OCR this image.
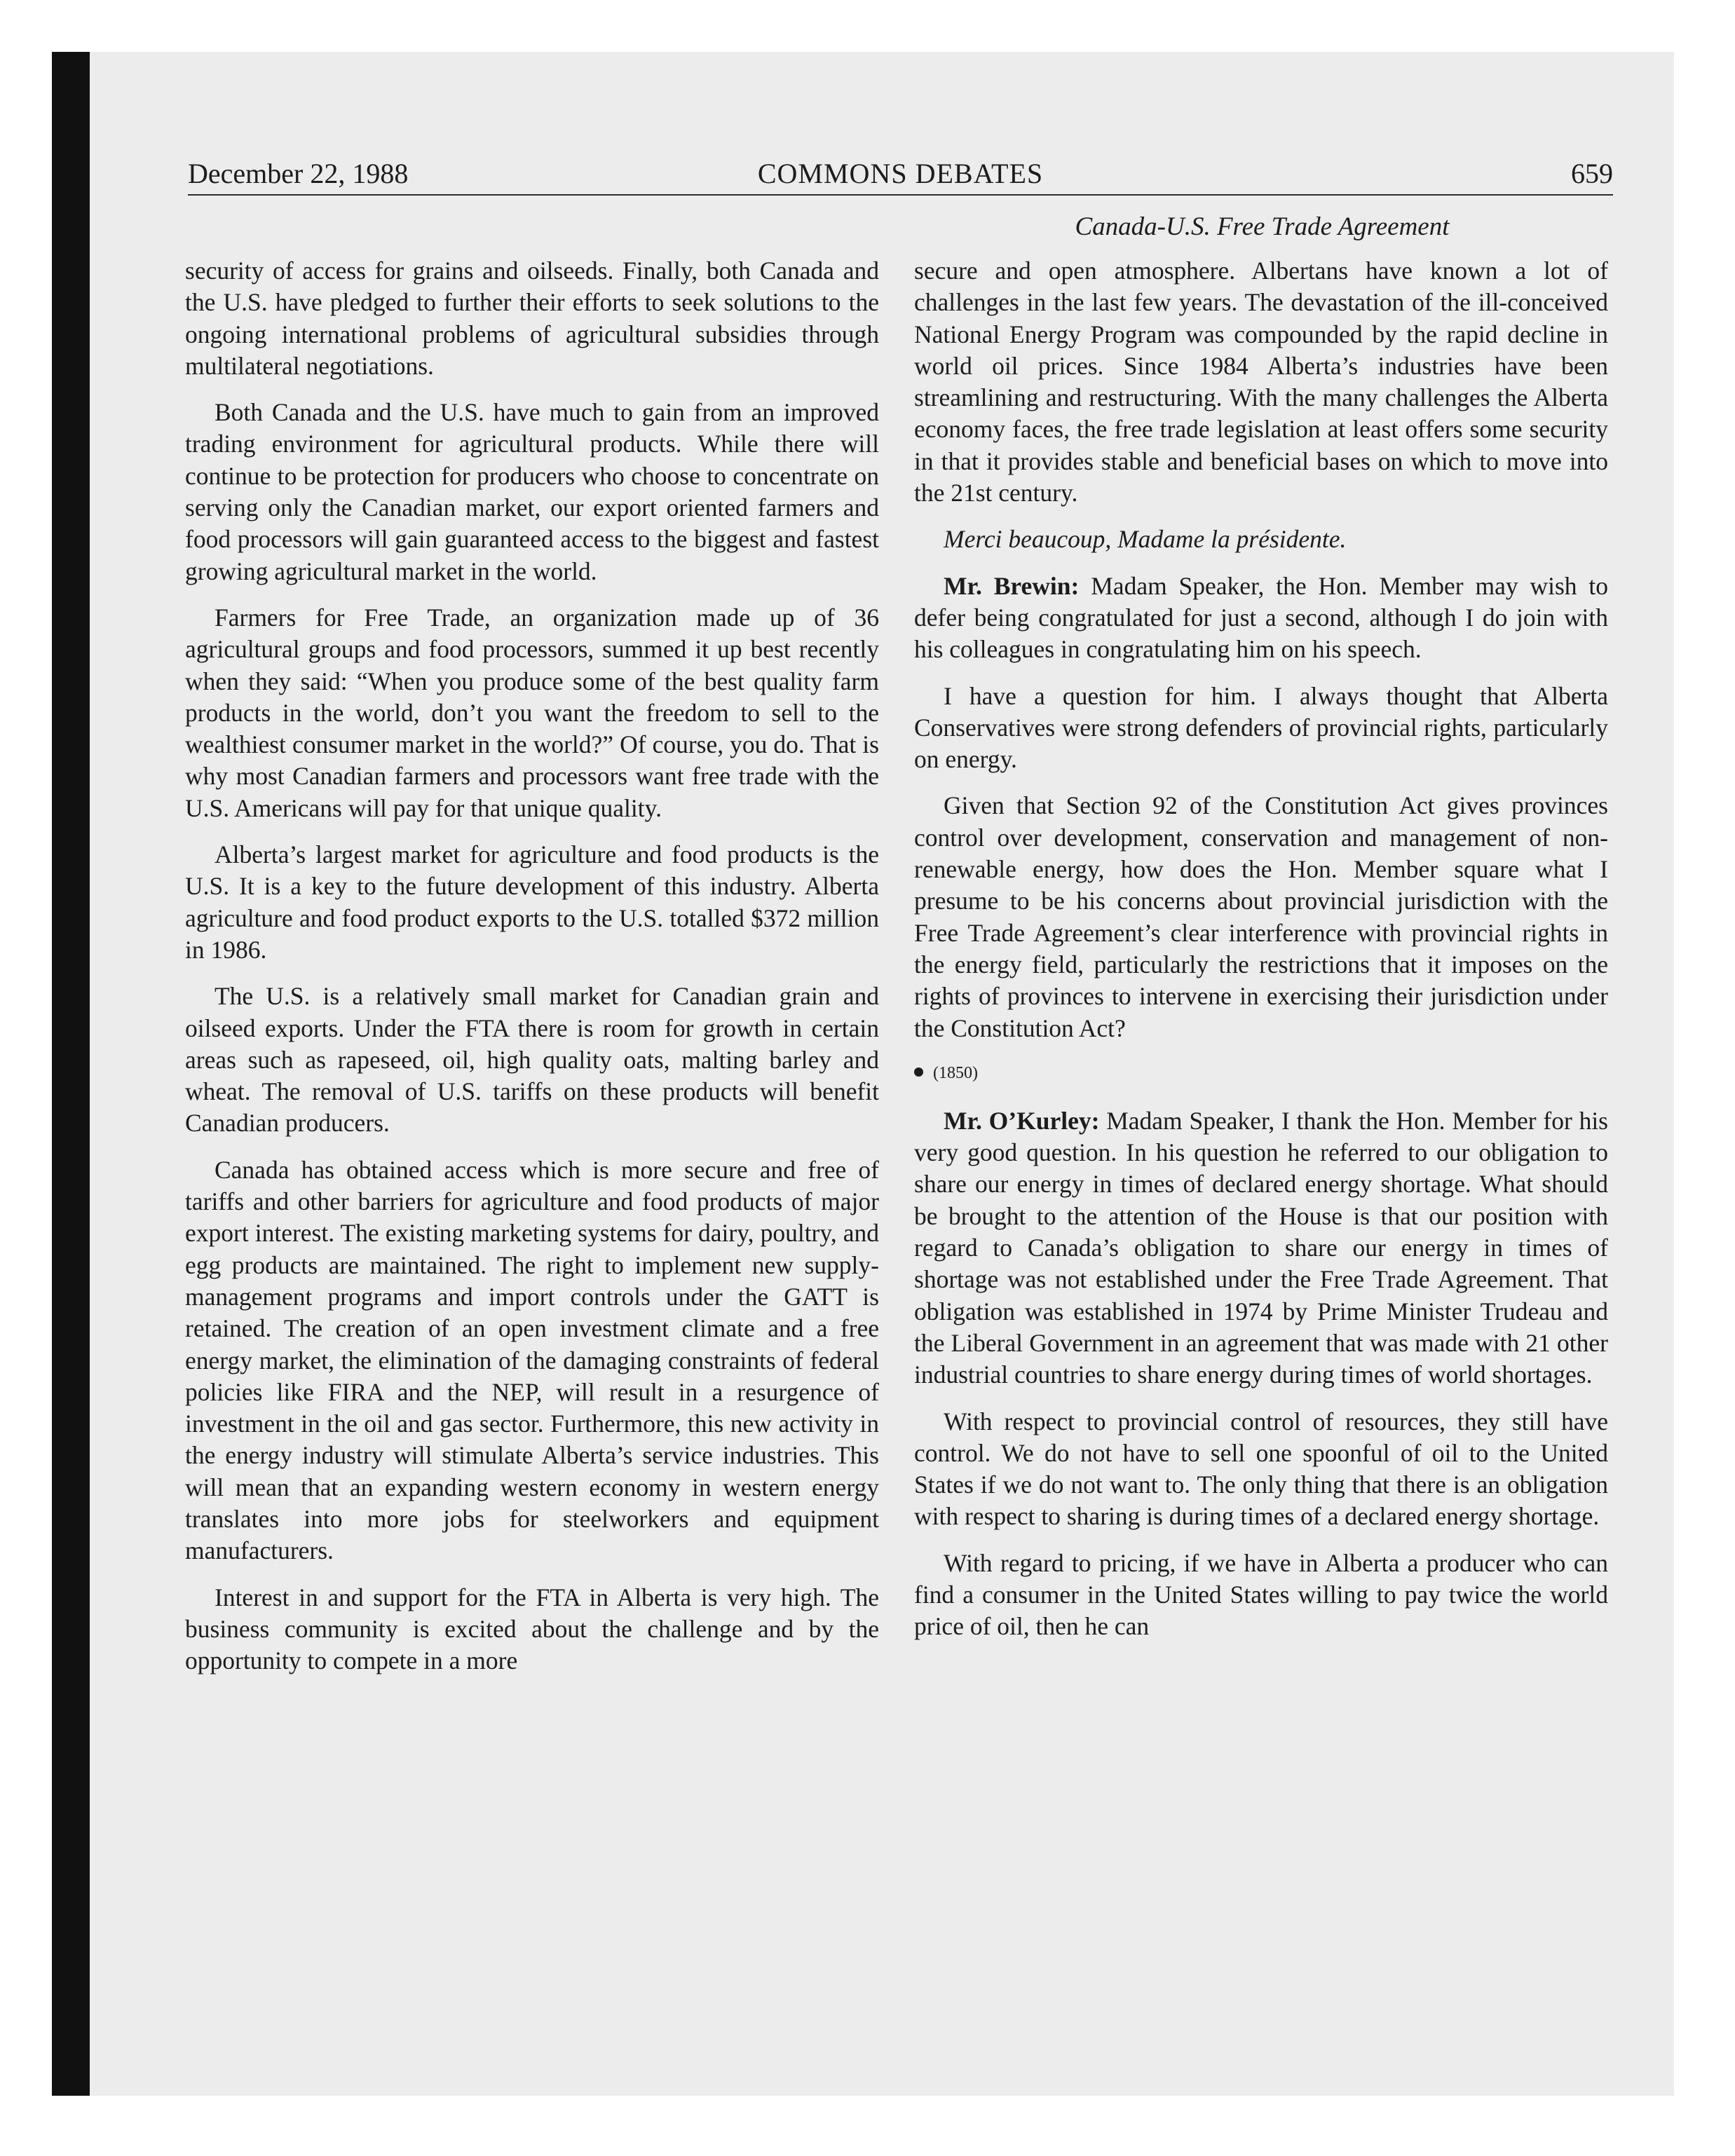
December 22, 1988	COMMONS DEBATES	659
Canada-U.S. Free Trade Agreement

security of access for grains and oilseeds. Finally, both Canada and the U.S. have pledged to further their efforts to seek solutions to the ongoing international problems of agricultural subsidies through multilateral negotiations.

Both Canada and the U.S. have much to gain from an improved trading environment for agricultural products. While there will continue to be protection for producers who choose to concentrate on serving only the Canadian market, our export oriented farmers and food processors will gain guaranteed access to the biggest and fastest growing agricultural market in the world.

Farmers for Free Trade, an organization made up of 36 agricultural groups and food processors, summed it up best recently when they said: “When you produce some of the best quality farm products in the world, don’t you want the freedom to sell to the wealthiest consumer market in the world?” Of course, you do. That is why most Canadian farmers and processors want free trade with the U.S. Americans will pay for that unique quality.

Alberta’s largest market for agriculture and food products is the U.S. It is a key to the future development of this industry. Alberta agriculture and food product exports to the U.S. totalled $372 million in 1986.

The U.S. is a relatively small market for Canadian grain and oilseed exports. Under the FTA there is room for growth in certain areas such as rapeseed, oil, high quality oats, malting barley and wheat. The removal of U.S. tariffs on these products will benefit Canadian producers.

Canada has obtained access which is more secure and free of tariffs and other barriers for agriculture and food products of major export interest. The existing marketing systems for dairy, poultry, and egg products are maintained. The right to implement new supply-management programs and import controls under the GATT is retained. The creation of an open investment climate and a free energy market, the elimination of the damaging constraints of federal policies like FIRA and the NEP, will result in a resurgence of investment in the oil and gas sector. Furthermore, this new activity in the energy industry will stimulate Alberta’s service industries. This will mean that an expanding western economy in western energy translates into more jobs for steelworkers and equipment manufacturers.

Interest in and support for the FTA in Alberta is very high. The business community is excited about the challenge and by the opportunity to compete in a more

secure and open atmosphere. Albertans have known a lot of challenges in the last few years. The devastation of the ill-conceived National Energy Program was compounded by the rapid decline in world oil prices. Since 1984 Alberta’s industries have been streamlining and restructuring. With the many challenges the Alberta economy faces, the free trade legislation at least offers some security in that it provides stable and beneficial bases on which to move into the 21st century.

Merci beaucoup, Madame la présidente.

Mr. Brewin: Madam Speaker, the Hon. Member may wish to defer being congratulated for just a second, although I do join with his colleagues in congratulating him on his speech.

I have a question for him. I always thought that Alberta Conservatives were strong defenders of provincial rights, particularly on energy.

Given that Section 92 of the Constitution Act gives provinces control over development, conservation and management of non-renewable energy, how does the Hon. Member square what I presume to be his concerns about provincial jurisdiction with the Free Trade Agreement’s clear interference with provincial rights in the energy field, particularly the restrictions that it imposes on the rights of provinces to intervene in exercising their jurisdiction under the Constitution Act?

(1850)

Mr. O’Kurley: Madam Speaker, I thank the Hon. Member for his very good question. In his question he referred to our obligation to share our energy in times of declared energy shortage. What should be brought to the attention of the House is that our position with regard to Canada’s obligation to share our energy in times of shortage was not established under the Free Trade Agreement. That obligation was established in 1974 by Prime Minister Trudeau and the Liberal Government in an agreement that was made with 21 other industrial countries to share energy during times of world shortages.

With respect to provincial control of resources, they still have control. We do not have to sell one spoonful of oil to the United States if we do not want to. The only thing that there is an obligation with respect to sharing is during times of a declared energy shortage.

With regard to pricing, if we have in Alberta a producer who can find a consumer in the United States willing to pay twice the world price of oil, then he can
